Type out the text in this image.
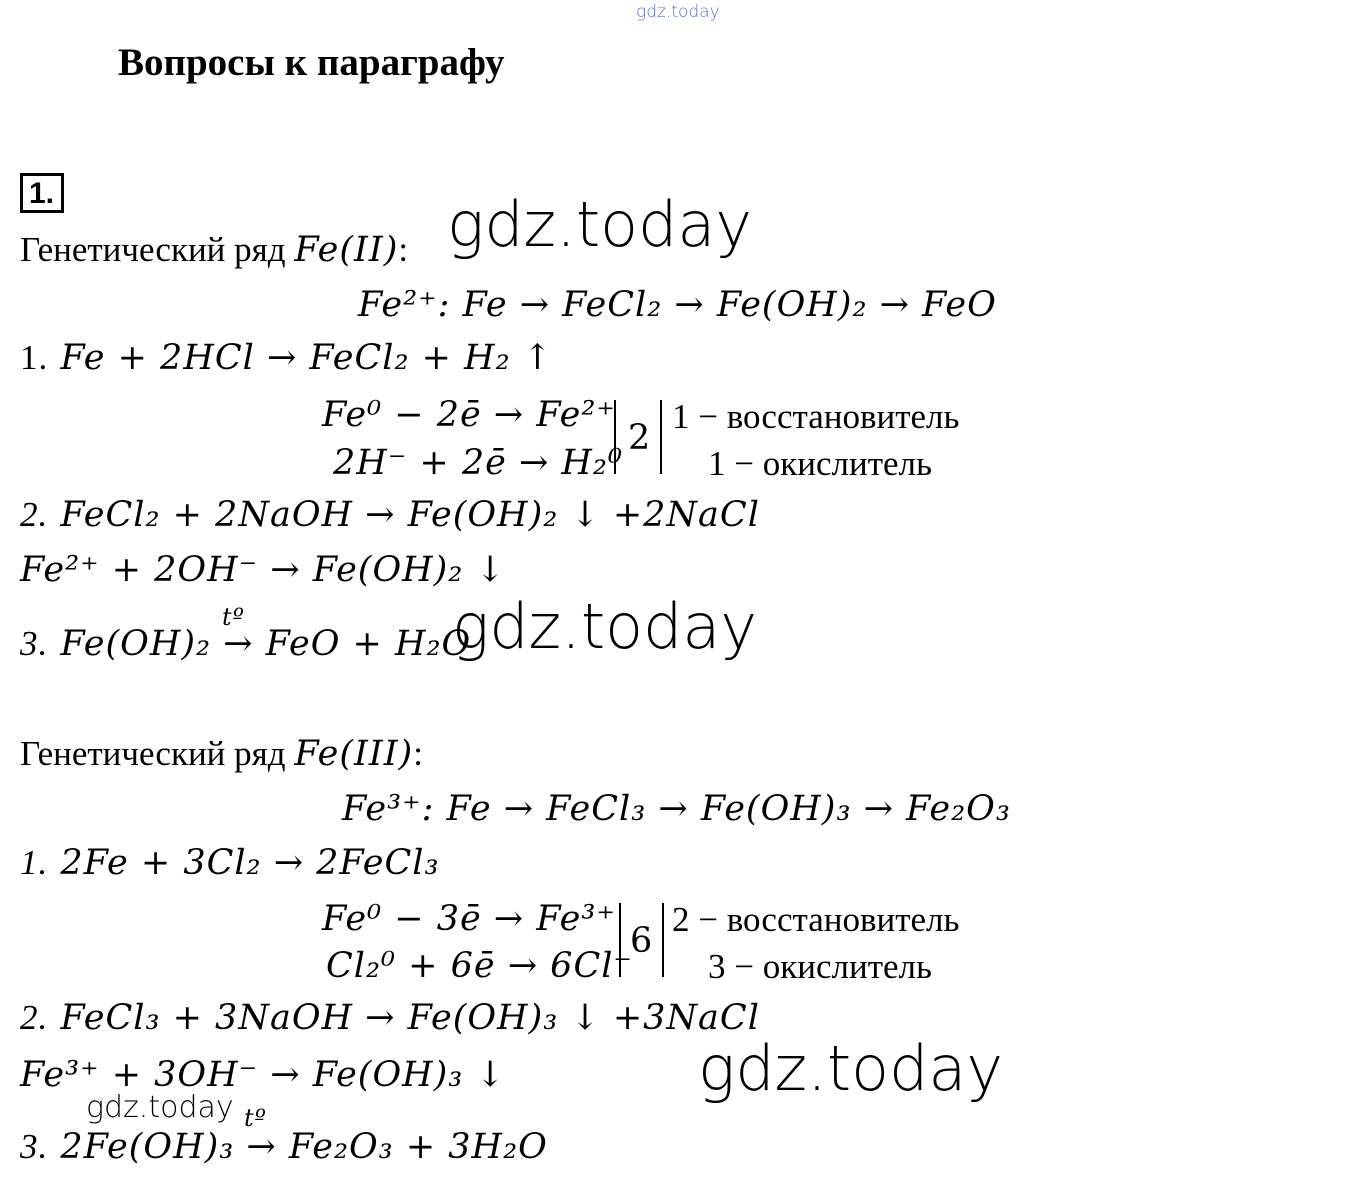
gdz.today
Вопросы к параграфу
1.	gdz.today
Генетический ряд Fe(II):
Fe²⁺: Fe → FeCl₂ → Fe(OH)₂ → FeO
1. Fe + 2HCl → FeCl₂ + H₂ ↑
Fe⁰ − 2ē → Fe²⁺
2H⁻ + 2ē → H₂⁰
2
1 − восстановитель
1 − окислитель
2. FeCl₂ + 2NaOH → Fe(OH)₂ ↓ +2NaCl
Fe²⁺ + 2OH⁻ → Fe(OH)₂ ↓
tº
3. Fe(OH)₂ → FeO + H₂O
gdz.today
Генетический ряд Fe(III):
Fe³⁺: Fe → FeCl₃ → Fe(OH)₃ → Fe₂O₃
1. 2Fe + 3Cl₂ → 2FeCl₃
Fe⁰ − 3ē → Fe³⁺
Cl₂⁰ + 6ē → 6Cl⁻
6
2 − восстановитель
3 − окислитель
2. FeCl₃ + 3NaOH → Fe(OH)₃ ↓ +3NaCl
Fe³⁺ + 3OH⁻ → Fe(OH)₃ ↓	gdz.today
gdz.today tº
3. 2Fe(OH)₃ → Fe₂O₃ + 3H₂O
